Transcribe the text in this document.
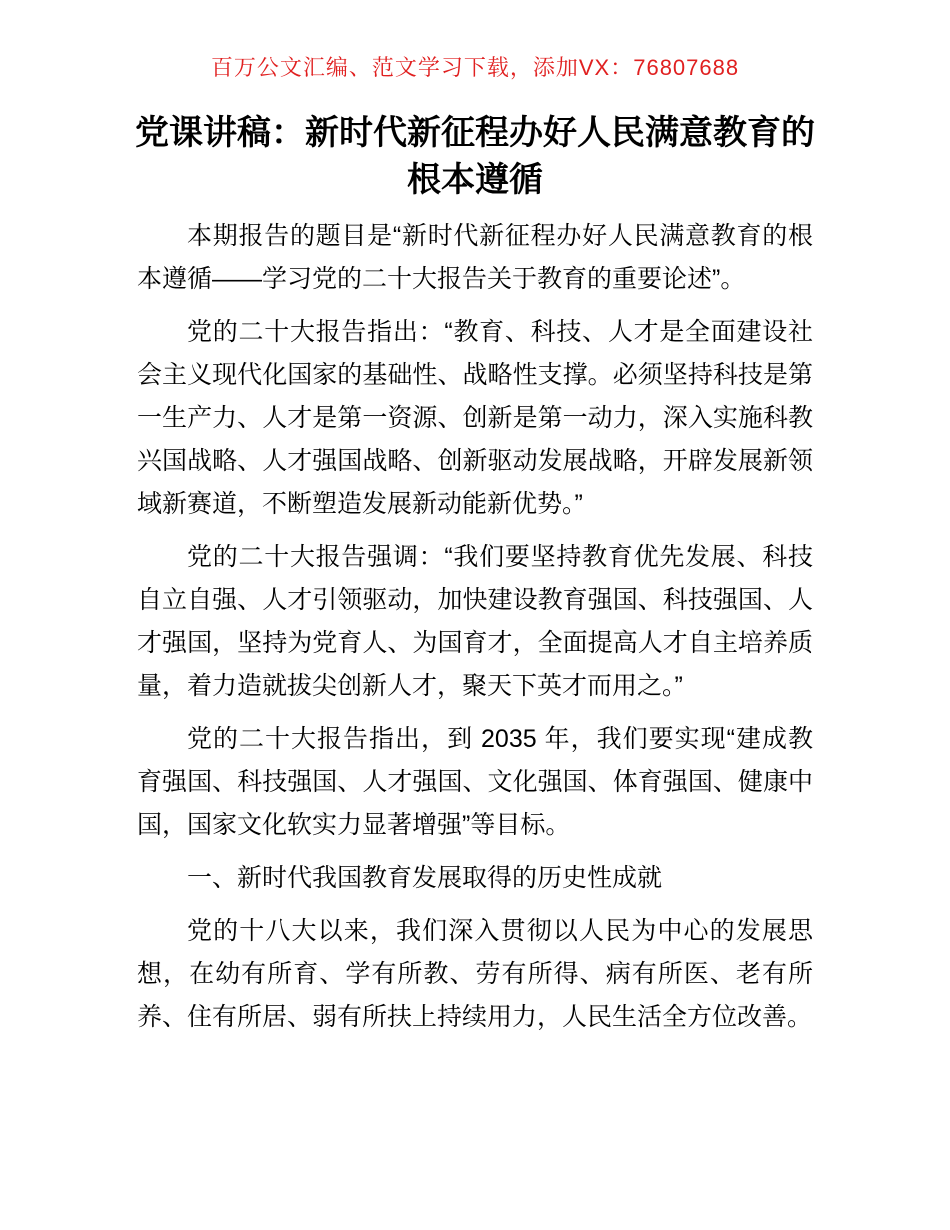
百万公文汇编、范文学习下载，添加VX：76807688
党课讲稿：新时代新征程办好人民满意教育的根本遵循

本期报告的题目是“新时代新征程办好人民满意教育的根本遵循——学习党的二十大报告关于教育的重要论述”。

党的二十大报告指出：“教育、科技、人才是全面建设社会主义现代化国家的基础性、战略性支撑。必须坚持科技是第一生产力、人才是第一资源、创新是第一动力，深入实施科教兴国战略、人才强国战略、创新驱动发展战略，开辟发展新领域新赛道，不断塑造发展新动能新优势。”

党的二十大报告强调：“我们要坚持教育优先发展、科技自立自强、人才引领驱动，加快建设教育强国、科技强国、人才强国，坚持为党育人、为国育才，全面提高人才自主培养质量，着力造就拔尖创新人才，聚天下英才而用之。”

党的二十大报告指出，到 2035 年，我们要实现“建成教育强国、科技强国、人才强国、文化强国、体育强国、健康中国，国家文化软实力显著增强”等目标。

一、新时代我国教育发展取得的历史性成就

党的十八大以来，我们深入贯彻以人民为中心的发展思想，在幼有所育、学有所教、劳有所得、病有所医、老有所养、住有所居、弱有所扶上持续用力，人民生活全方位改善。
